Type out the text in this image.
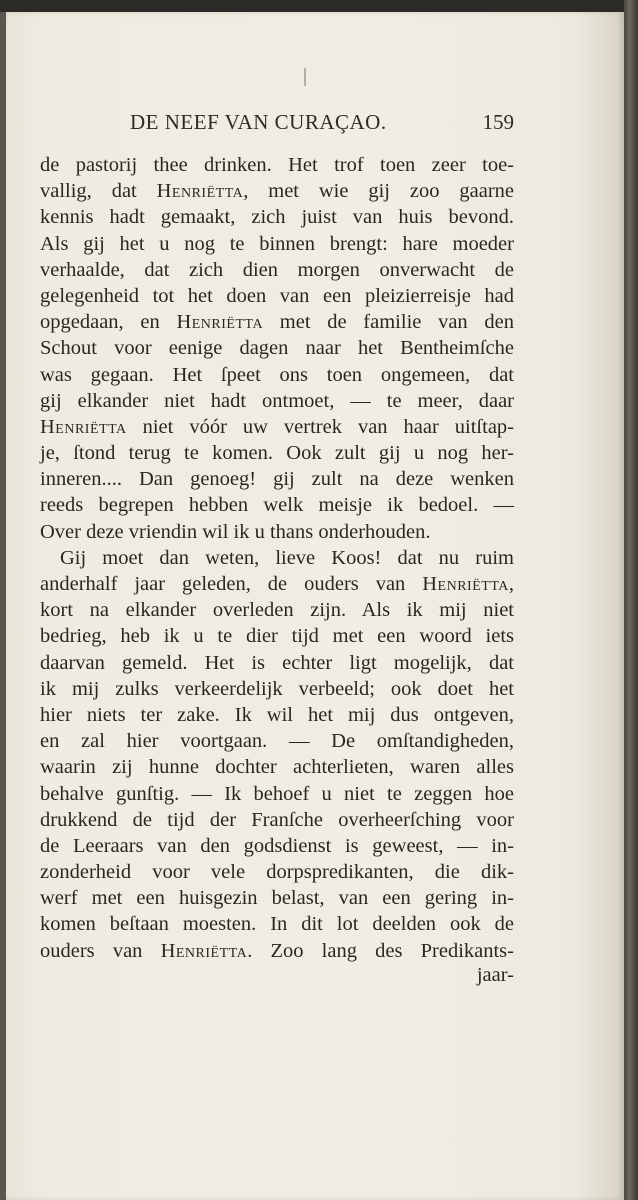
DE NEEF VAN CURAÇAO.	159
de pastorij thee drinken. Het trof toen zeer toe-
vallig, dat Henriëtta, met wie gij zoo gaarne
kennis hadt gemaakt, zich juist van huis bevond.
Als gij het u nog te binnen brengt: hare moeder
verhaalde, dat zich dien morgen onverwacht de
gelegenheid tot het doen van een pleizierreisje had
opgedaan, en Henriëtta met de familie van den
Schout voor eenige dagen naar het Bentheimſche
was gegaan. Het ſpeet ons toen ongemeen, dat
gij elkander niet hadt ontmoet, — te meer, daar
Henriëtta niet vóór uw vertrek van haar uitſtap-
je, ſtond terug te komen. Ook zult gij u nog her-
inneren.... Dan genoeg! gij zult na deze wenken
reeds begrepen hebben welk meisje ik bedoel. —
Over deze vriendin wil ik u thans onderhouden.
Gij moet dan weten, lieve Koos! dat nu ruim
anderhalf jaar geleden, de ouders van Henriëtta,
kort na elkander overleden zijn. Als ik mij niet
bedrieg, heb ik u te dier tijd met een woord iets
daarvan gemeld. Het is echter ligt mogelijk, dat
ik mij zulks verkeerdelijk verbeeld; ook doet het
hier niets ter zake. Ik wil het mij dus ontgeven,
en zal hier voortgaan. — De omſtandigheden,
waarin zij hunne dochter achterlieten, waren alles
behalve gunſtig. — Ik behoef u niet te zeggen hoe
drukkend de tijd der Franſche overheerſching voor
de Leeraars van den godsdienst is geweest, — in-
zonderheid voor vele dorpspredikanten, die dik-
werf met een huisgezin belast, van een gering in-
komen beſtaan moesten. In dit lot deelden ook de
ouders van Henriëtta. Zoo lang des Predikants-
jaar-
